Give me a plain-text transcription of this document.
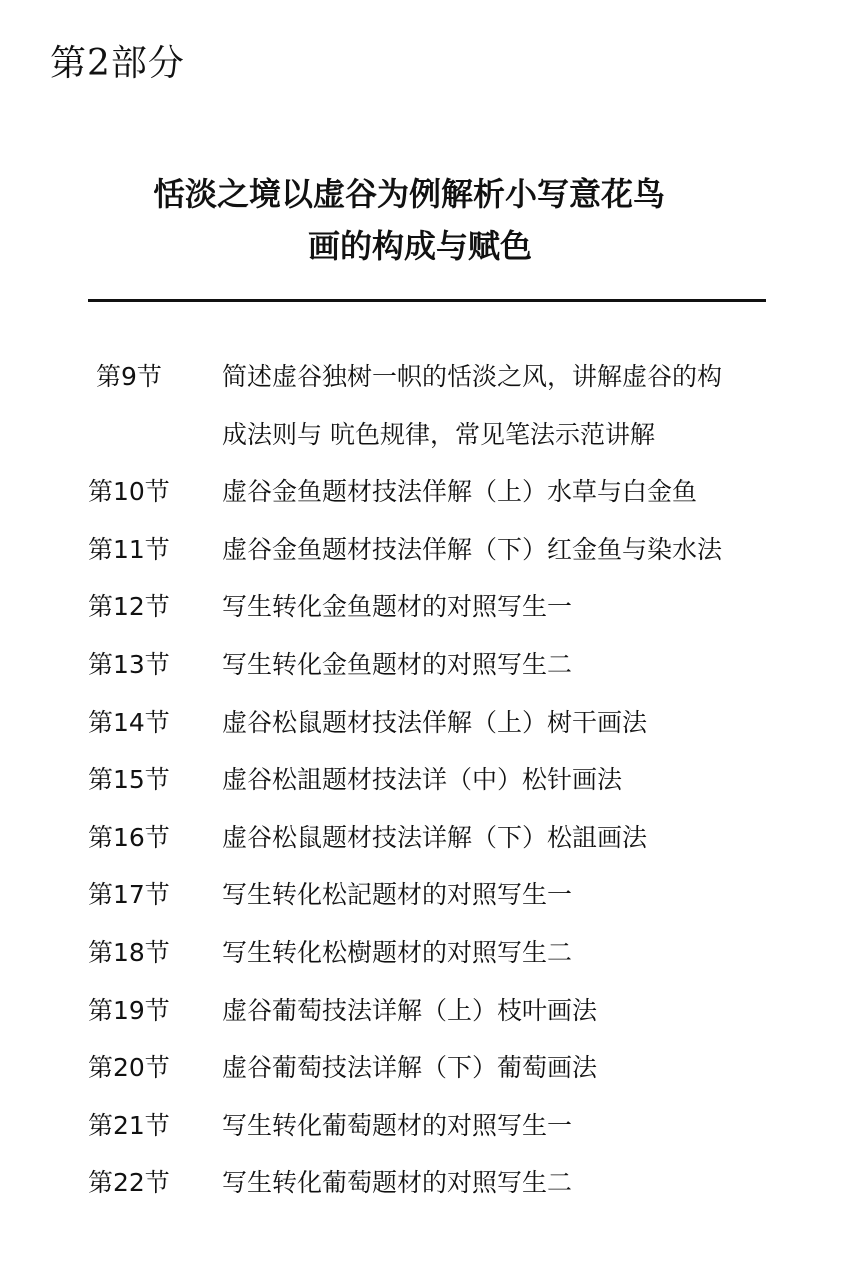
第2部分
恬淡之境以虚谷为例解析小写意花鸟
画的构成与赋色
第9节 简述虚谷独树一帜的恬淡之风，讲解虚谷的构
成法则与 吭色规律，常见笔法示范讲解
第10节 虚谷金鱼题材技法佯解（上）水草与白金鱼
第11节 虚谷金鱼题材技法佯解（下）红金鱼与染水法
第12节 写生转化金鱼题材的对照写生一
第13节 写生转化金鱼题材的对照写生二
第14节 虚谷松鼠题材技法佯解（上）树干画法
第15节 虚谷松詛题材技法详（中）松针画法
第16节 虚谷松鼠题材技法详解（下）松詛画法
第17节 写生转化松記题材的对照写生一
第18节 写生转化松樹题材的对照写生二
第19节 虚谷葡萄技法详解（上）枝叶画法
第20节 虚谷葡萄技法详解（下）葡萄画法
第21节 写生转化葡萄题材的对照写生一
第22节 写生转化葡萄题材的对照写生二
